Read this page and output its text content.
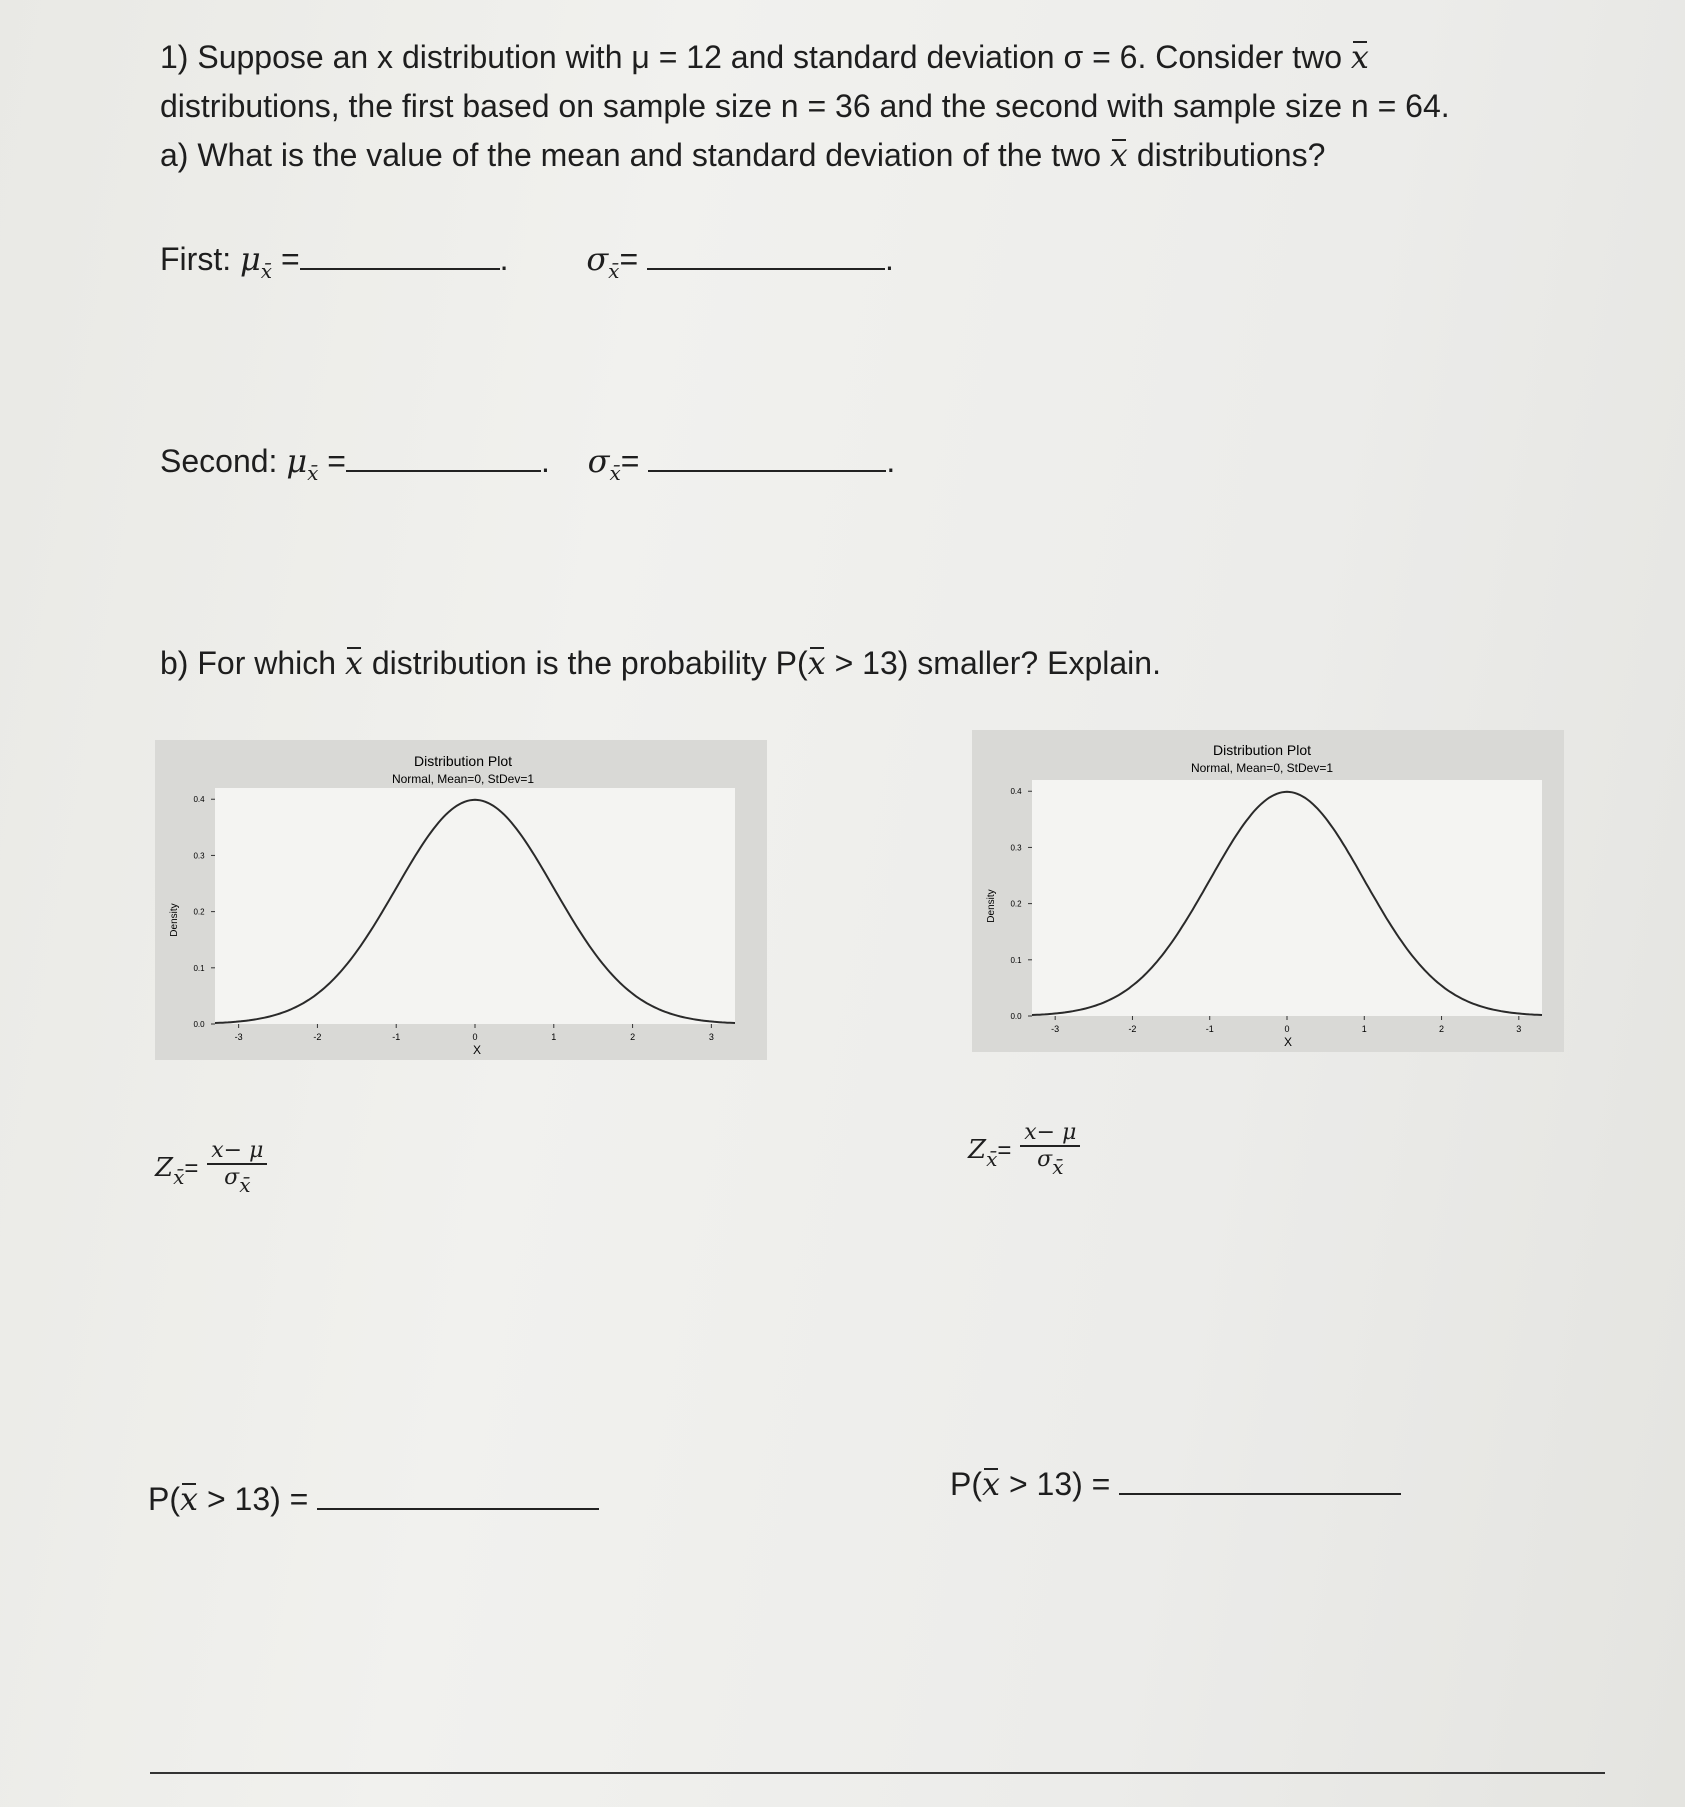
1) Suppose an x distribution with μ = 12 and standard deviation σ = 6. Consider two x
distributions, the first based on sample size n = 36 and the second with sample size n = 64.
a) What is the value of the mean and standard deviation of the two x distributions?
First: $\mu_{x̄}$ =	. $\sigma_{x̄}=$	.
Second: $\mu_{x̄}$ =	. $\sigma_{x̄}=$	.
b) For which x distribution is the probability P(x > 13) smaller? Explain.
Distribution Plot
Normal, Mean=0, StDev=1
Density
X
-3	-2	-1	0	1	2	3
0.0
0.1
0.2
0.3
0.4
Distribution Plot
Normal, Mean=0, StDev=1
Density
X
-3	-2	-1	0	1	2	3
0.0
0.1
0.2
0.3
0.4
$Z_{x̄}= \frac{x- \mu}{\sigma x̄}$	$Z_{x̄}= \frac{x- \mu}{\sigma x̄}$
P(x > 13) =	P(x > 13) =
